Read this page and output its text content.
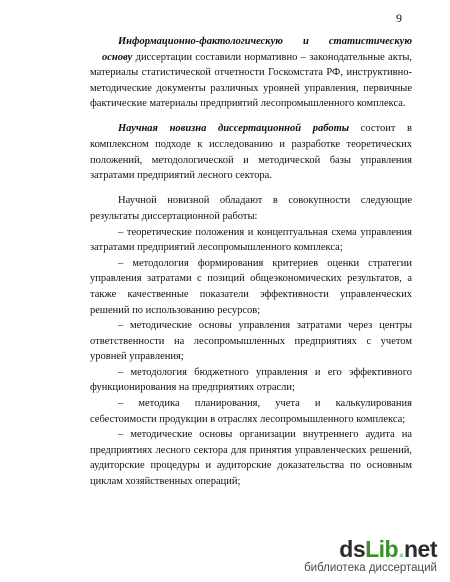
9

Информационно-фактологическую и статистическую основу диссертации составили нормативно – законодательные акты, материалы статистической отчетности Госкомстата РФ, инструктивно- методические документы различных уровней управления, первичные фактические материалы предприятий лесопромышленного комплекса.

Научная новизна диссертационной работы состоит в комплексном подходе к исследованию и разработке теоретических положений, методологической и методической базы управления затратами предприятий лесного сектора.

Научной новизной обладают в совокупности следующие результаты диссертационной работы:

– теоретические положения и концептуальная схема управления затратами предприятий лесопромышленного комплекса;

– методология формирования критериев оценки стратегии управления затратами с позиций общеэкономических результатов, а также качественные показатели эффективности управленческих решений по использованию ресурсов;

– методические основы управления затратами через центры ответственности на лесопромышленных предприятиях с учетом уровней управления;

– методология бюджетного управления и его эффективного функционирования на предприятиях отрасли;

– методика планирования, учета и калькулирования себестоимости продукции в отраслях лесопромышленного комплекса;

– методические основы организации внутреннего аудита на предприятиях лесного сектора для принятия управленческих решений, аудиторские процедуры и аудиторские доказательства по основным циклам хозяйственных операций;

dsLib.net
библиотека диссертаций
